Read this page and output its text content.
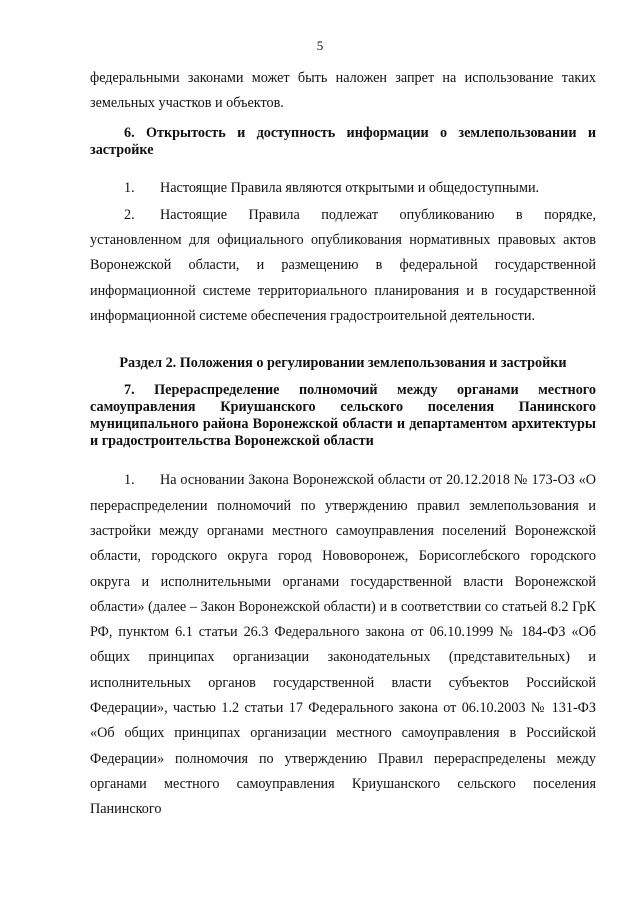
5

федеральными законами может быть наложен запрет на использование таких земельных участков и объектов.

6. Открытость и доступность информации о землепользовании и застройке

1. Настоящие Правила являются открытыми и общедоступными.

2. Настоящие Правила подлежат опубликованию в порядке, установленном для официального опубликования нормативных правовых актов Воронежской области, и размещению в федеральной государственной информационной системе территориального планирования и в государственной информационной системе обеспечения градостроительной деятельности.

Раздел 2. Положения о регулировании землепользования и застройки

7. Перераспределение полномочий между органами местного самоуправления Криушанского сельского поселения Панинского муниципального района Воронежской области и департаментом архитектуры и градостроительства Воронежской области

1. На основании Закона Воронежской области от 20.12.2018 № 173-ОЗ «О перераспределении полномочий по утверждению правил землепользования и застройки между органами местного самоуправления поселений Воронежской области, городского округа город Нововоронеж, Борисоглебского городского округа и исполнительными органами государственной власти Воронежской области» (далее – Закон Воронежской области) и в соответствии со статьей 8.2 ГрК РФ, пунктом 6.1 статьи 26.3 Федерального закона от 06.10.1999 № 184-ФЗ «Об общих принципах организации законодательных (представительных) и исполнительных органов государственной власти субъектов Российской Федерации», частью 1.2 статьи 17 Федерального закона от 06.10.2003 № 131-ФЗ «Об общих принципах организации местного самоуправления в Российской Федерации» полномочия по утверждению Правил перераспределены между органами местного самоуправления Криушанского сельского поселения Панинского
